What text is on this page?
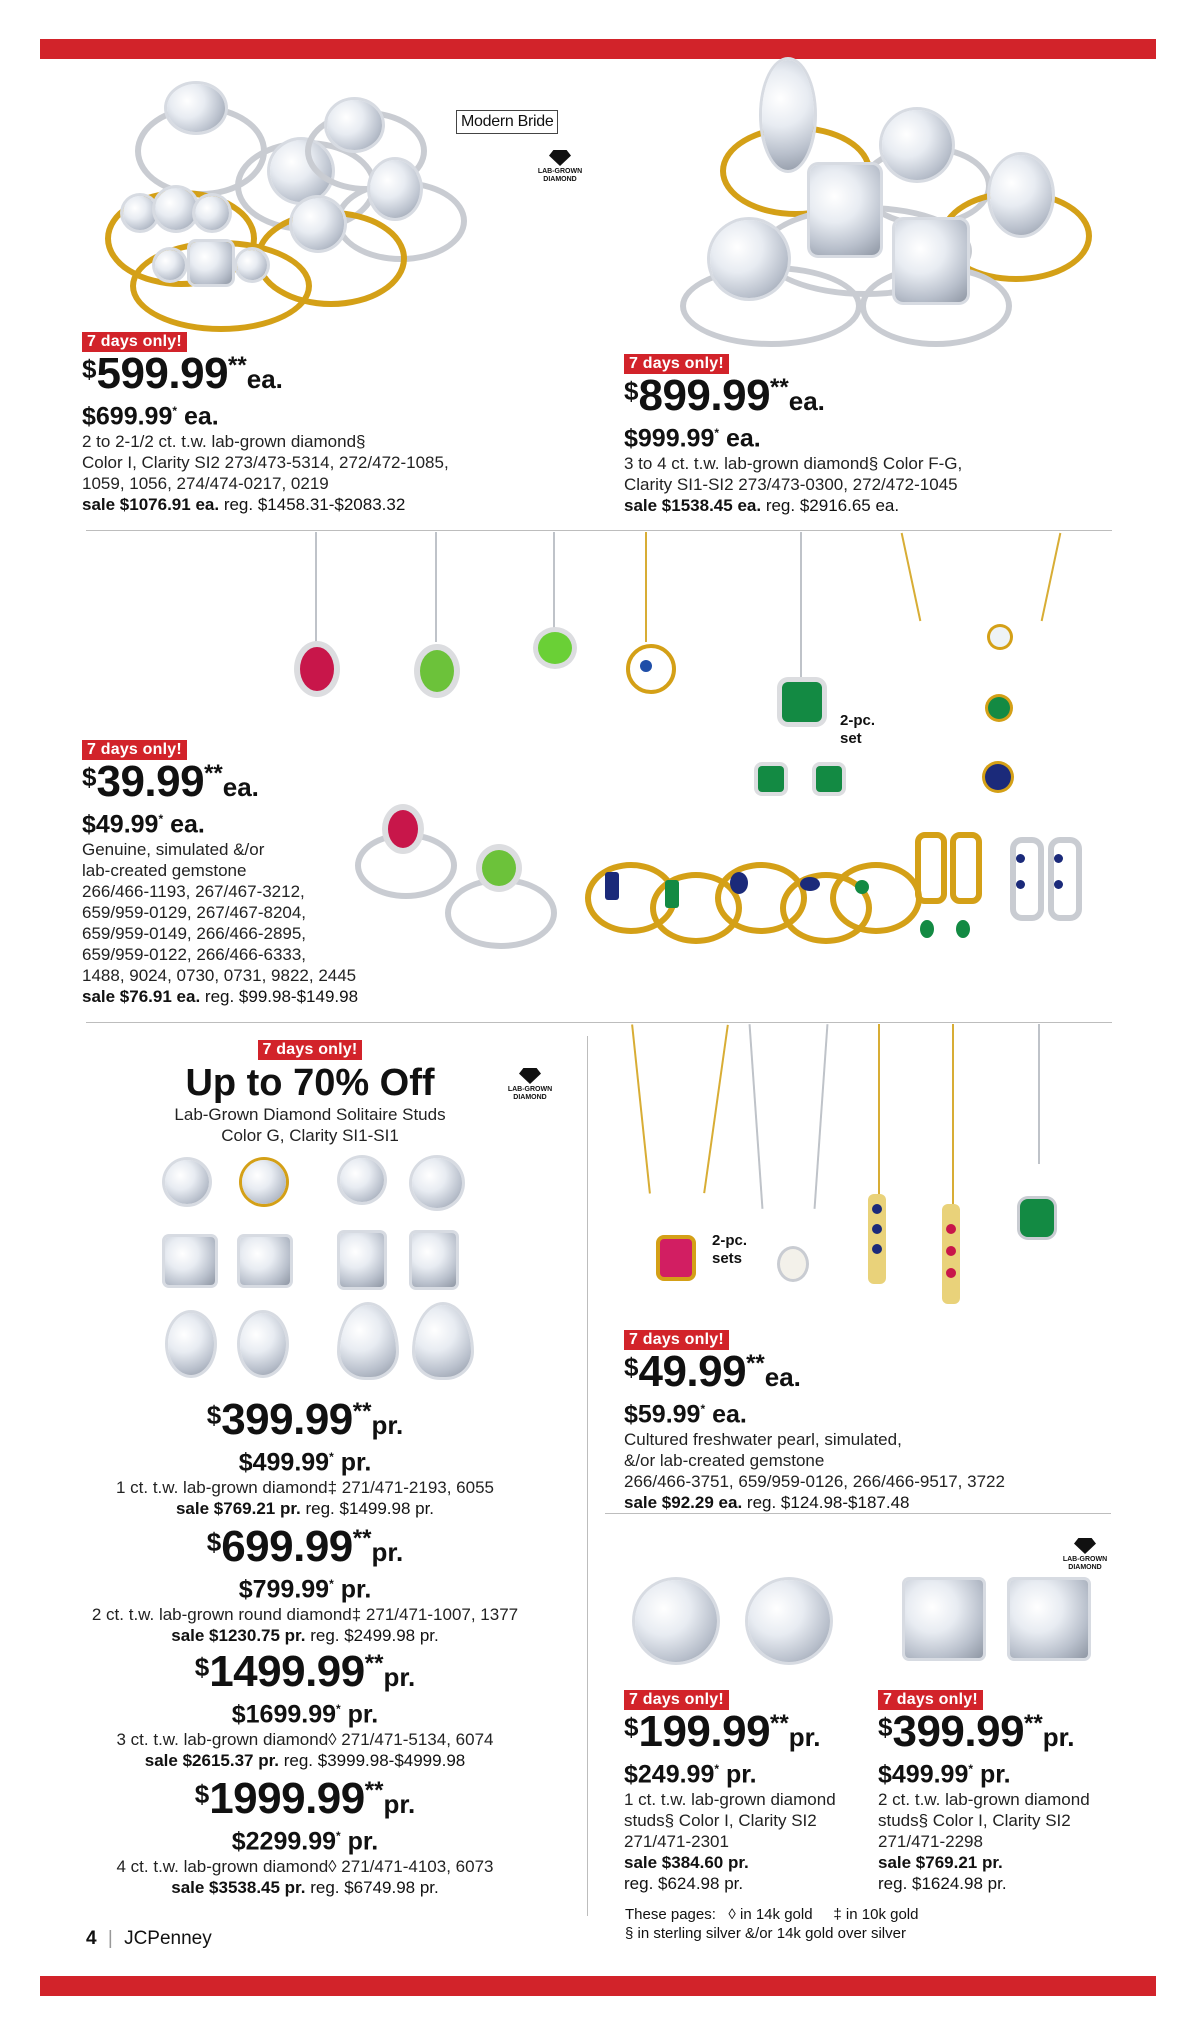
Modern Bride
LAB-GROWN DIAMOND
7 days only!
$599.99**ea.
$699.99* ea.
2 to 2-1/2 ct. t.w. lab-grown diamond§
Color I, Clarity SI2 273/473-5314, 272/472-1085,
1059, 1056, 274/474-0217, 0219
sale $1076.91 ea. reg. $1458.31-$2083.32
7 days only!
$899.99**ea.
$999.99* ea.
3 to 4 ct. t.w. lab-grown diamond§ Color F-G,
Clarity SI1-SI2 273/473-0300, 272/472-1045
sale $1538.45 ea. reg. $2916.65 ea.
2-pc. set
7 days only!
$39.99**ea.
$49.99* ea.
Genuine, simulated &/or
lab-created gemstone
266/466-1193, 267/467-3212,
659/959-0129, 267/467-8204,
659/959-0149, 266/466-2895,
659/959-0122, 266/466-6333,
1488, 9024, 0730, 0731, 9822, 2445
sale $76.91 ea. reg. $99.98-$149.98
7 days only!
Up to 70% Off
Lab-Grown Diamond Solitaire Studs
Color G, Clarity SI1-SI1
LAB-GROWN DIAMOND
$399.99**pr.
$499.99* pr.
1 ct. t.w. lab-grown diamond‡ 271/471-2193, 6055
sale $769.21 pr. reg. $1499.98 pr.
$699.99**pr.
$799.99* pr.
2 ct. t.w. lab-grown round diamond‡ 271/471-1007, 1377
sale $1230.75 pr. reg. $2499.98 pr.
$1499.99**pr.
$1699.99* pr.
3 ct. t.w. lab-grown diamond◊ 271/471-5134, 6074
sale $2615.37 pr. reg. $3999.98-$4999.98
$1999.99**pr.
$2299.99* pr.
4 ct. t.w. lab-grown diamond◊ 271/471-4103, 6073
sale $3538.45 pr. reg. $6749.98 pr.
2-pc. sets
7 days only!
$49.99**ea.
$59.99* ea.
Cultured freshwater pearl, simulated,
&/or lab-created gemstone
266/466-3751, 659/959-0126, 266/466-9517, 3722
sale $92.29 ea. reg. $124.98-$187.48
LAB-GROWN DIAMOND
7 days only!
$199.99**pr.
$249.99* pr.
1 ct. t.w. lab-grown diamond
studs§ Color I, Clarity SI2
271/471-2301
sale $384.60 pr.
reg. $624.98 pr.
7 days only!
$399.99**pr.
$499.99* pr.
2 ct. t.w. lab-grown diamond
studs§ Color I, Clarity SI2
271/471-2298
sale $769.21 pr.
reg. $1624.98 pr.
These pages: ◊ in 14k gold ‡ in 10k gold
§ in sterling silver &/or 14k gold over silver
4 | JCPenney
